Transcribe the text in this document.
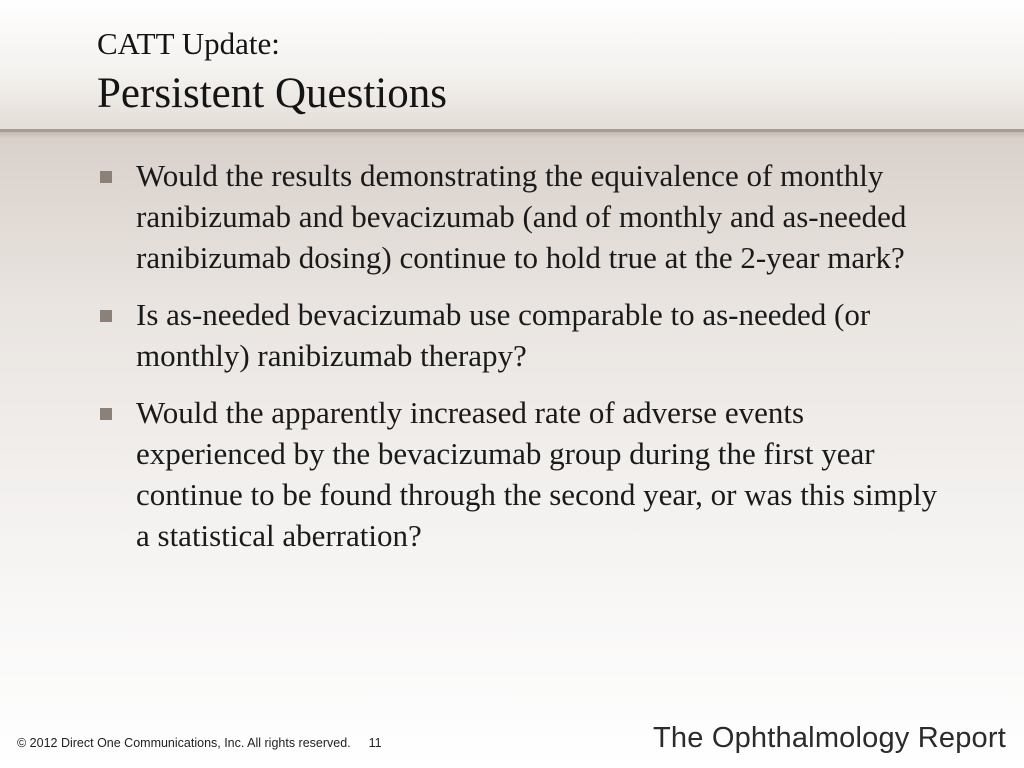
CATT Update:
Persistent Questions
Would the results demonstrating the equivalence of monthly ranibizumab and bevacizumab (and of monthly and as-needed ranibizumab dosing) continue to hold true at the 2-year mark?
Is as-needed bevacizumab use comparable to as-needed (or monthly) ranibizumab therapy?
Would the apparently increased rate of adverse events experienced by the bevacizumab group during the first year continue to be found through the second year, or was this simply a statistical aberration?
© 2012 Direct One Communications, Inc. All rights reserved. 11	The Ophthalmology Report
